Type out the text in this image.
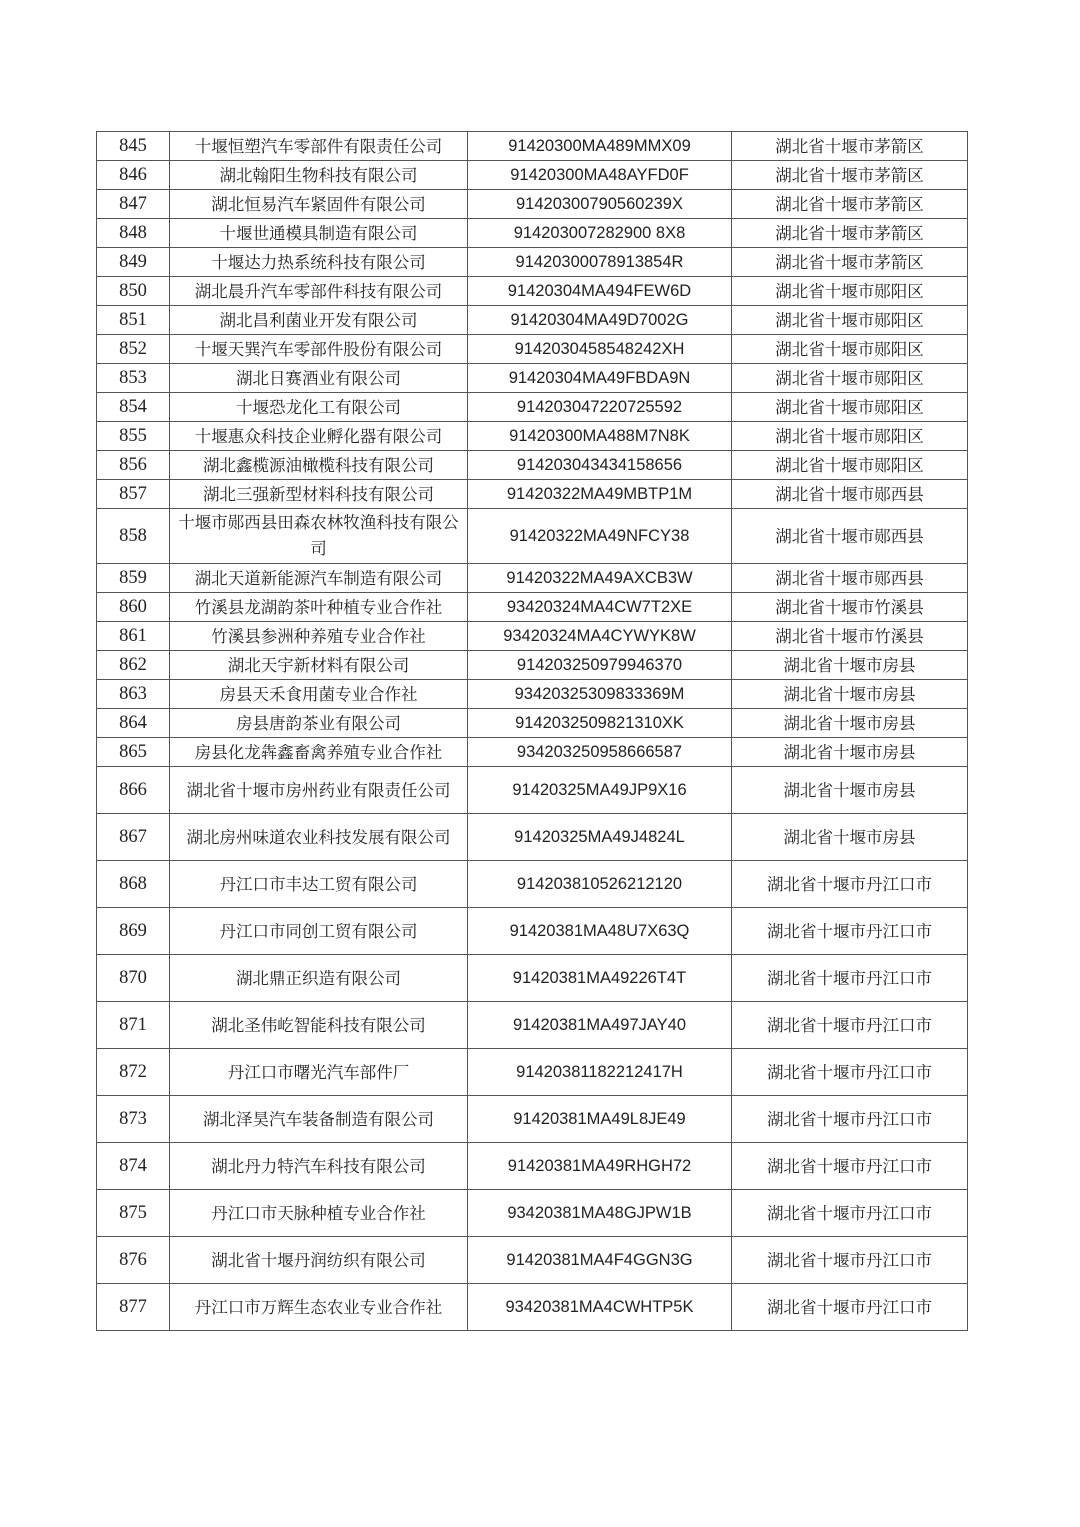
845	十堰恒塑汽车零部件有限责任公司	91420300MA489MMX09	湖北省十堰市茅箭区
846	湖北翰阳生物科技有限公司	91420300MA48AYFD0F	湖北省十堰市茅箭区
847	湖北恒易汽车紧固件有限公司	91420300790560239X	湖北省十堰市茅箭区
848	十堰世通模具制造有限公司	914203007282900 8X8	湖北省十堰市茅箭区
849	十堰达力热系统科技有限公司	91420300078913854R	湖北省十堰市茅箭区
850	湖北晨升汽车零部件科技有限公司	91420304MA494FEW6D	湖北省十堰市郧阳区
851	湖北昌利菌业开发有限公司	91420304MA49D7002G	湖北省十堰市郧阳区
852	十堰天巽汽车零部件股份有限公司	9142030458548242XH	湖北省十堰市郧阳区
853	湖北日赛酒业有限公司	91420304MA49FBDA9N	湖北省十堰市郧阳区
854	十堰恐龙化工有限公司	914203047220725592	湖北省十堰市郧阳区
855	十堰惠众科技企业孵化器有限公司	91420300MA488M7N8K	湖北省十堰市郧阳区
856	湖北鑫榄源油橄榄科技有限公司	914203043434158656	湖北省十堰市郧阳区
857	湖北三强新型材料科技有限公司	91420322MA49MBTP1M	湖北省十堰市郧西县
858	十堰市郧西县田森农林牧渔科技有限公司	91420322MA49NFCY38	湖北省十堰市郧西县
859	湖北天道新能源汽车制造有限公司	91420322MA49AXCB3W	湖北省十堰市郧西县
860	竹溪县龙湖韵茶叶种植专业合作社	93420324MA4CW7T2XE	湖北省十堰市竹溪县
861	竹溪县参洲种养殖专业合作社	93420324MA4CYWYK8W	湖北省十堰市竹溪县
862	湖北天宇新材料有限公司	914203250979946370	湖北省十堰市房县
863	房县天禾食用菌专业合作社	93420325309833369M	湖北省十堰市房县
864	房县唐韵茶业有限公司	9142032509821310XK	湖北省十堰市房县
865	房县化龙犇鑫畜禽养殖专业合作社	934203250958666587	湖北省十堰市房县
866	湖北省十堰市房州药业有限责任公司	91420325MA49JP9X16	湖北省十堰市房县
867	湖北房州味道农业科技发展有限公司	91420325MA49J4824L	湖北省十堰市房县
868	丹江口市丰达工贸有限公司	914203810526212120	湖北省十堰市丹江口市
869	丹江口市同创工贸有限公司	91420381MA48U7X63Q	湖北省十堰市丹江口市
870	湖北鼎正织造有限公司	91420381MA49226T4T	湖北省十堰市丹江口市
871	湖北圣伟屹智能科技有限公司	91420381MA497JAY40	湖北省十堰市丹江口市
872	丹江口市曙光汽车部件厂	91420381182212417H	湖北省十堰市丹江口市
873	湖北泽昊汽车装备制造有限公司	91420381MA49L8JE49	湖北省十堰市丹江口市
874	湖北丹力特汽车科技有限公司	91420381MA49RHGH72	湖北省十堰市丹江口市
875	丹江口市天脉种植专业合作社	93420381MA48GJPW1B	湖北省十堰市丹江口市
876	湖北省十堰丹润纺织有限公司	91420381MA4F4GGN3G	湖北省十堰市丹江口市
877	丹江口市万辉生态农业专业合作社	93420381MA4CWHTP5K	湖北省十堰市丹江口市
